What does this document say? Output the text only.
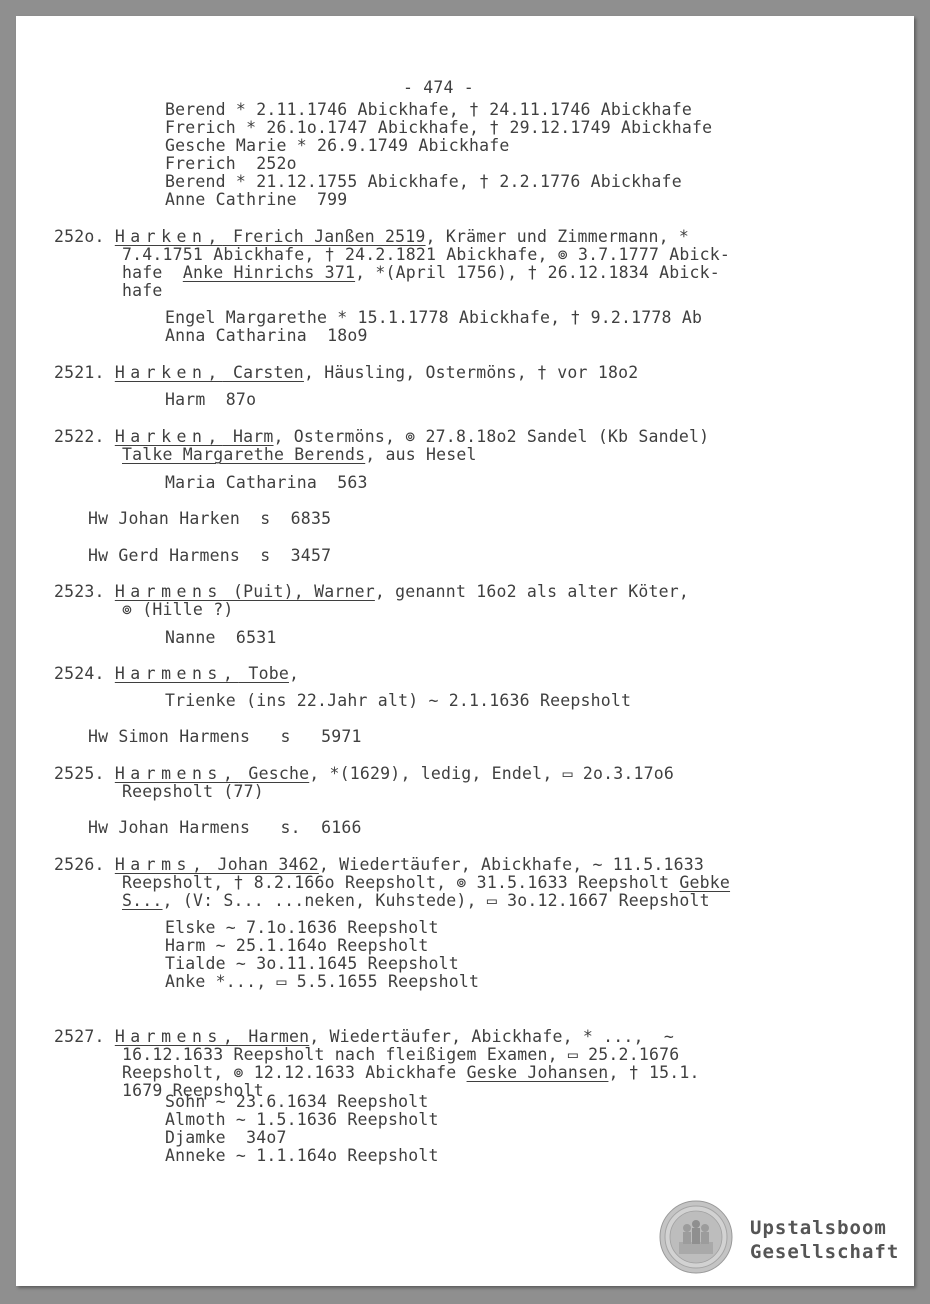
- 474 -
Berend * 2.11.1746 Abickhafe, † 24.11.1746 Abickhafe
Frerich * 26.1o.1747 Abickhafe, † 29.12.1749 Abickhafe
Gesche Marie * 26.9.1749 Abickhafe
Frerich  252o
Berend * 21.12.1755 Abickhafe, † 2.2.1776 Abickhafe
Anne Cathrine  799
252o. Harken, Frerich Janßen 2519, Krämer und Zimmermann, *
7.4.1751 Abickhafe, † 24.2.1821 Abickhafe, ⊚ 3.7.1777 Abick-
hafe  Anke Hinrichs 371, *(April 1756), † 26.12.1834 Abick-
hafe
Engel Margarethe * 15.1.1778 Abickhafe, † 9.2.1778 Ab
Anna Catharina  18o9
2521. Harken, Carsten, Häusling, Ostermöns, † vor 18o2
Harm  87o
2522. Harken, Harm, Ostermöns, ⊚ 27.8.18o2 Sandel (Kb Sandel)
Talke Margarethe Berends, aus Hesel
Maria Catharina  563
Hw Johan Harken  s  6835
Hw Gerd Harmens  s  3457
2523. Harmens (Puit), Warner, genannt 16o2 als alter Köter,
⊚ (Hille ?)
Nanne  6531
2524. Harmens, Tobe,
Trienke (ins 22.Jahr alt) ~ 2.1.1636 Reepsholt
Hw Simon Harmens   s   5971
2525. Harmens, Gesche, *(1629), ledig, Endel, ▭ 2o.3.17o6
Reepsholt (77)
Hw Johan Harmens   s.  6166
2526. Harms, Johan 3462, Wiedertäufer, Abickhafe, ~ 11.5.1633
Reepsholt, † 8.2.166o Reepsholt, ⊚ 31.5.1633 Reepsholt Gebke
S..., (V: S... ...neken, Kuhstede), ▭ 3o.12.1667 Reepsholt
Elske ~ 7.1o.1636 Reepsholt
Harm ~ 25.1.164o Reepsholt
Tialde ~ 3o.11.1645 Reepsholt
Anke *..., ▭ 5.5.1655 Reepsholt
2527. Harmens, Harmen, Wiedertäufer, Abickhafe, * ...,  ~
16.12.1633 Reepsholt nach fleißigem Examen, ▭ 25.2.1676
Reepsholt, ⊚ 12.12.1633 Abickhafe Geske Johansen, † 15.1.
1679 Reepsholt
Sohn ~ 23.6.1634 Reepsholt
Almoth ~ 1.5.1636 Reepsholt
Djamke  34o7
Anneke ~ 1.1.164o Reepsholt
Upstalsboom
Gesellschaft
